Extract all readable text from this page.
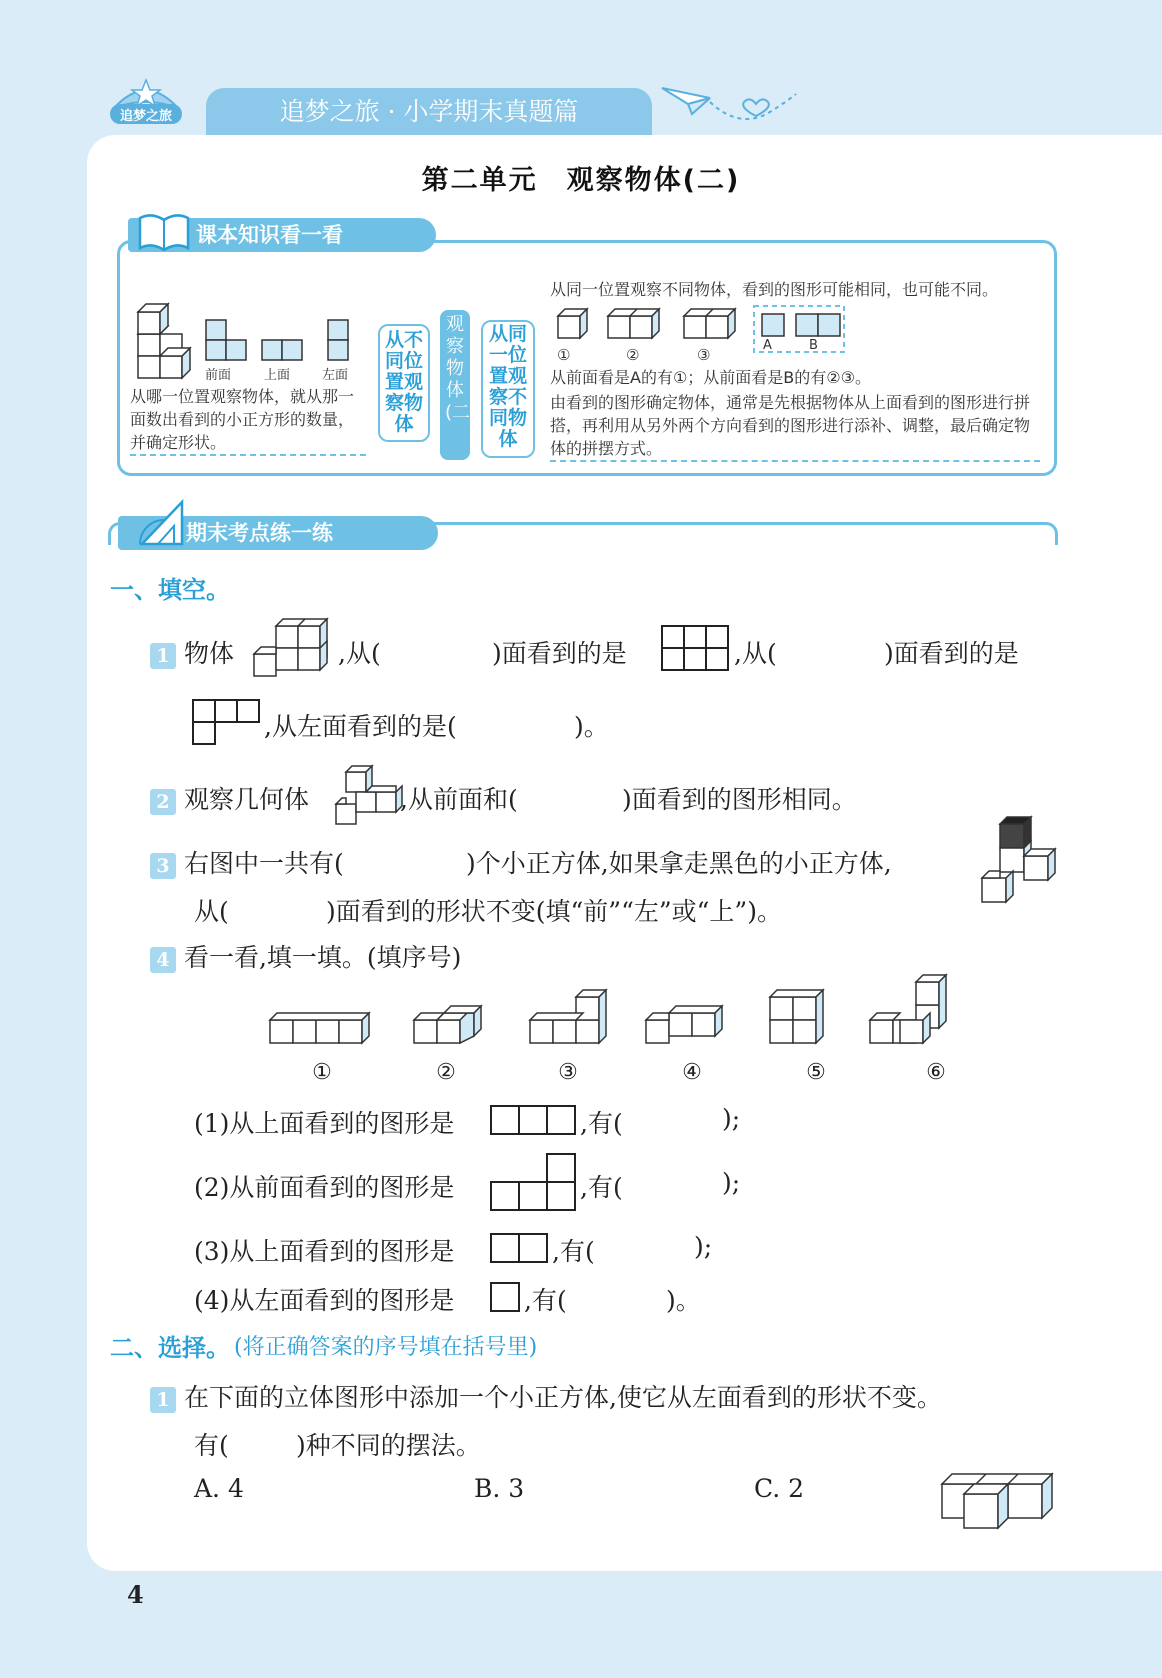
追梦之旅	追梦之旅 · 小学期末真题篇
第二单元　观察物体(二)
课本知识看一看
前面	上面	左面
从哪一位置观察物体，就从那一面数出看到的小正方形的数量，并确定形状。
从不同位置观察物体
观察物体(二)
从同一位置观察不同物体
从同一位置观察不同物体，看到的图形可能相同，也可能不同。
①	②	③
A	B
从前面看是A的有①；从前面看是B的有②③。
由看到的图形确定物体，通常是先根据物体从上面看到的图形进行拼搭，再利用从另外两个方向看到的图形进行添补、调整，最后确定物体的拼摆方式。
期末考点练一练
一、填空。
1 物体	,从(	)面看到的是	,从(	)面看到的是
,从左面看到的是(	)。
2 观察几何体	,从前面和(	)面看到的图形相同。
3 右图中一共有(	)个小正方体,如果拿走黑色的小正方体,
从(	)面看到的形状不变(填“前”“左”或“上”)。
4 看一看,填一填。(填序号)
①	②	③	④	⑤	⑥
(1)从上面看到的图形是	,有(	);
(2)从前面看到的图形是	,有(	);
(3)从上面看到的图形是	,有(	);
(4)从左面看到的图形是	,有(	)。
二、选择。 (将正确答案的序号填在括号里)
1 在下面的立体图形中添加一个小正方体,使它从左面看到的形状不变。
有(	)种不同的摆法。
A. 4	B. 3	C. 2
4
